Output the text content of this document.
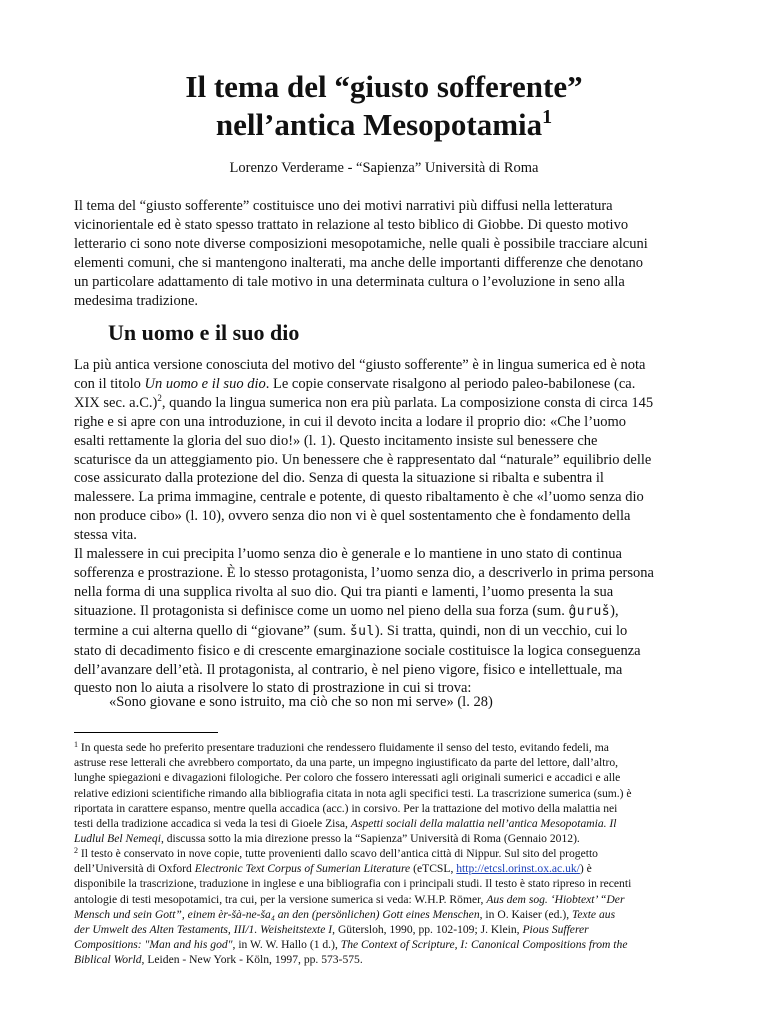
Il tema del “giusto sofferente”
nell’antica Mesopotamia$^1$

Lorenzo Verderame - “Sapienza” Università di Roma

Il tema del “giusto sofferente” costituisce uno dei motivi narrativi più diffusi nella letteratura
vicinorientale ed è stato spesso trattato in relazione al testo biblico di Giobbe. Di questo motivo
letterario ci sono note diverse composizioni mesopotamiche, nelle quali è possibile tracciare alcuni
elementi comuni, che si mantengono inalterati, ma anche delle importanti differenze che denotano
un particolare adattamento di tale motivo in una determinata cultura o l’evoluzione in seno alla
medesima tradizione.
Un uomo e il suo dio
La più antica versione conosciuta del motivo del “giusto sofferente” è in lingua sumerica ed è nota
con il titolo Un uomo e il suo dio. Le copie conservate risalgono al periodo paleo-babilonese (ca.
XIX sec. a.C.)$^2$, quando la lingua sumerica non era più parlata. La composizione consta di circa 145
righe e si apre con una introduzione, in cui il devoto incita a lodare il proprio dio: «Che l’uomo
esalti rettamente la gloria del suo dio!» (l. 1). Questo incitamento insiste sul benessere che
scaturisce da un atteggiamento pio. Un benessere che è rappresentato dal “naturale” equilibrio delle
cose assicurato dalla protezione del dio. Senza di questa la situazione si ribalta e subentra il
malessere. La prima immagine, centrale e potente, di questo ribaltamento è che «l’uomo senza dio
non produce cibo» (l. 10), ovvero senza dio non vi è quel sostentamento che è fondamento della
stessa vita.
Il malessere in cui precipita l’uomo senza dio è generale e lo mantiene in uno stato di continua
sofferenza e prostrazione. È lo stesso protagonista, l’uomo senza dio, a descriverlo in prima persona
nella forma di una supplica rivolta al suo dio. Qui tra pianti e lamenti, l’uomo presenta la sua
situazione. Il protagonista si definisce come un uomo nel pieno della sua forza (sum. ĝuruš),
termine a cui alterna quello di “giovane” (sum. šul). Si tratta, quindi, non di un vecchio, cui lo
stato di decadimento fisico e di crescente emarginazione sociale costituisce la logica conseguenza
dell’avanzare dell’età. Il protagonista, al contrario, è nel pieno vigore, fisico e intellettuale, ma
questo non lo aiuta a risolvere lo stato di prostrazione in cui si trova:

«Sono giovane e sono istruito, ma ciò che so non mi serve» (l. 28)

$^1$ In questa sede ho preferito presentare traduzioni che rendessero fluidamente il senso del testo, evitando fedeli, ma
astruse rese letterali che avrebbero comportato, da una parte, un impegno ingiustificato da parte del lettore, dall’altro,
lunghe spiegazioni e divagazioni filologiche. Per coloro che fossero interessati agli originali sumerici e accadici e alle
relative edizioni scientifiche rimando alla bibliografia citata in nota agli specifici testi. La trascrizione sumerica (sum.) è
riportata in carattere espanso, mentre quella accadica (acc.) in corsivo. Per la trattazione del motivo della malattia nei
testi della tradizione accadica si veda la tesi di Gioele Zisa, Aspetti sociali della malattia nell’antica Mesopotamia. Il
Ludlul Bel Nemeqi, discussa sotto la mia direzione presso la “Sapienza” Università di Roma (Gennaio 2012).
$^2$ Il testo è conservato in nove copie, tutte provenienti dallo scavo dell’antica città di Nippur. Sul sito del progetto
dell’Università di Oxford Electronic Text Corpus of Sumerian Literature (eTCSL, http://etcsl.orinst.ox.ac.uk/) è
disponibile la trascrizione, traduzione in inglese e una bibliografia con i principali studi. Il testo è stato ripreso in recenti
antologie di testi mesopotamici, tra cui, per la versione sumerica si veda: W.H.P. Römer, Aus dem sog. ‘Hiobtext’ “Der
Mensch und sein Gott”, einem èr-šà-ne-šа₄ an den (persönlichen) Gott eines Menschen, in O. Kaiser (ed.), Texte aus
der Umwelt des Alten Testaments, III/1. Weisheitstexte I, Gütersloh, 1990, pp. 102-109; J. Klein, Pious Sufferer
Compositions: "Man and his god", in W. W. Hallo (1 d.), The Context of Scripture, I: Canonical Compositions from the
Biblical World, Leiden - New York - Köln, 1997, pp. 573-575.
